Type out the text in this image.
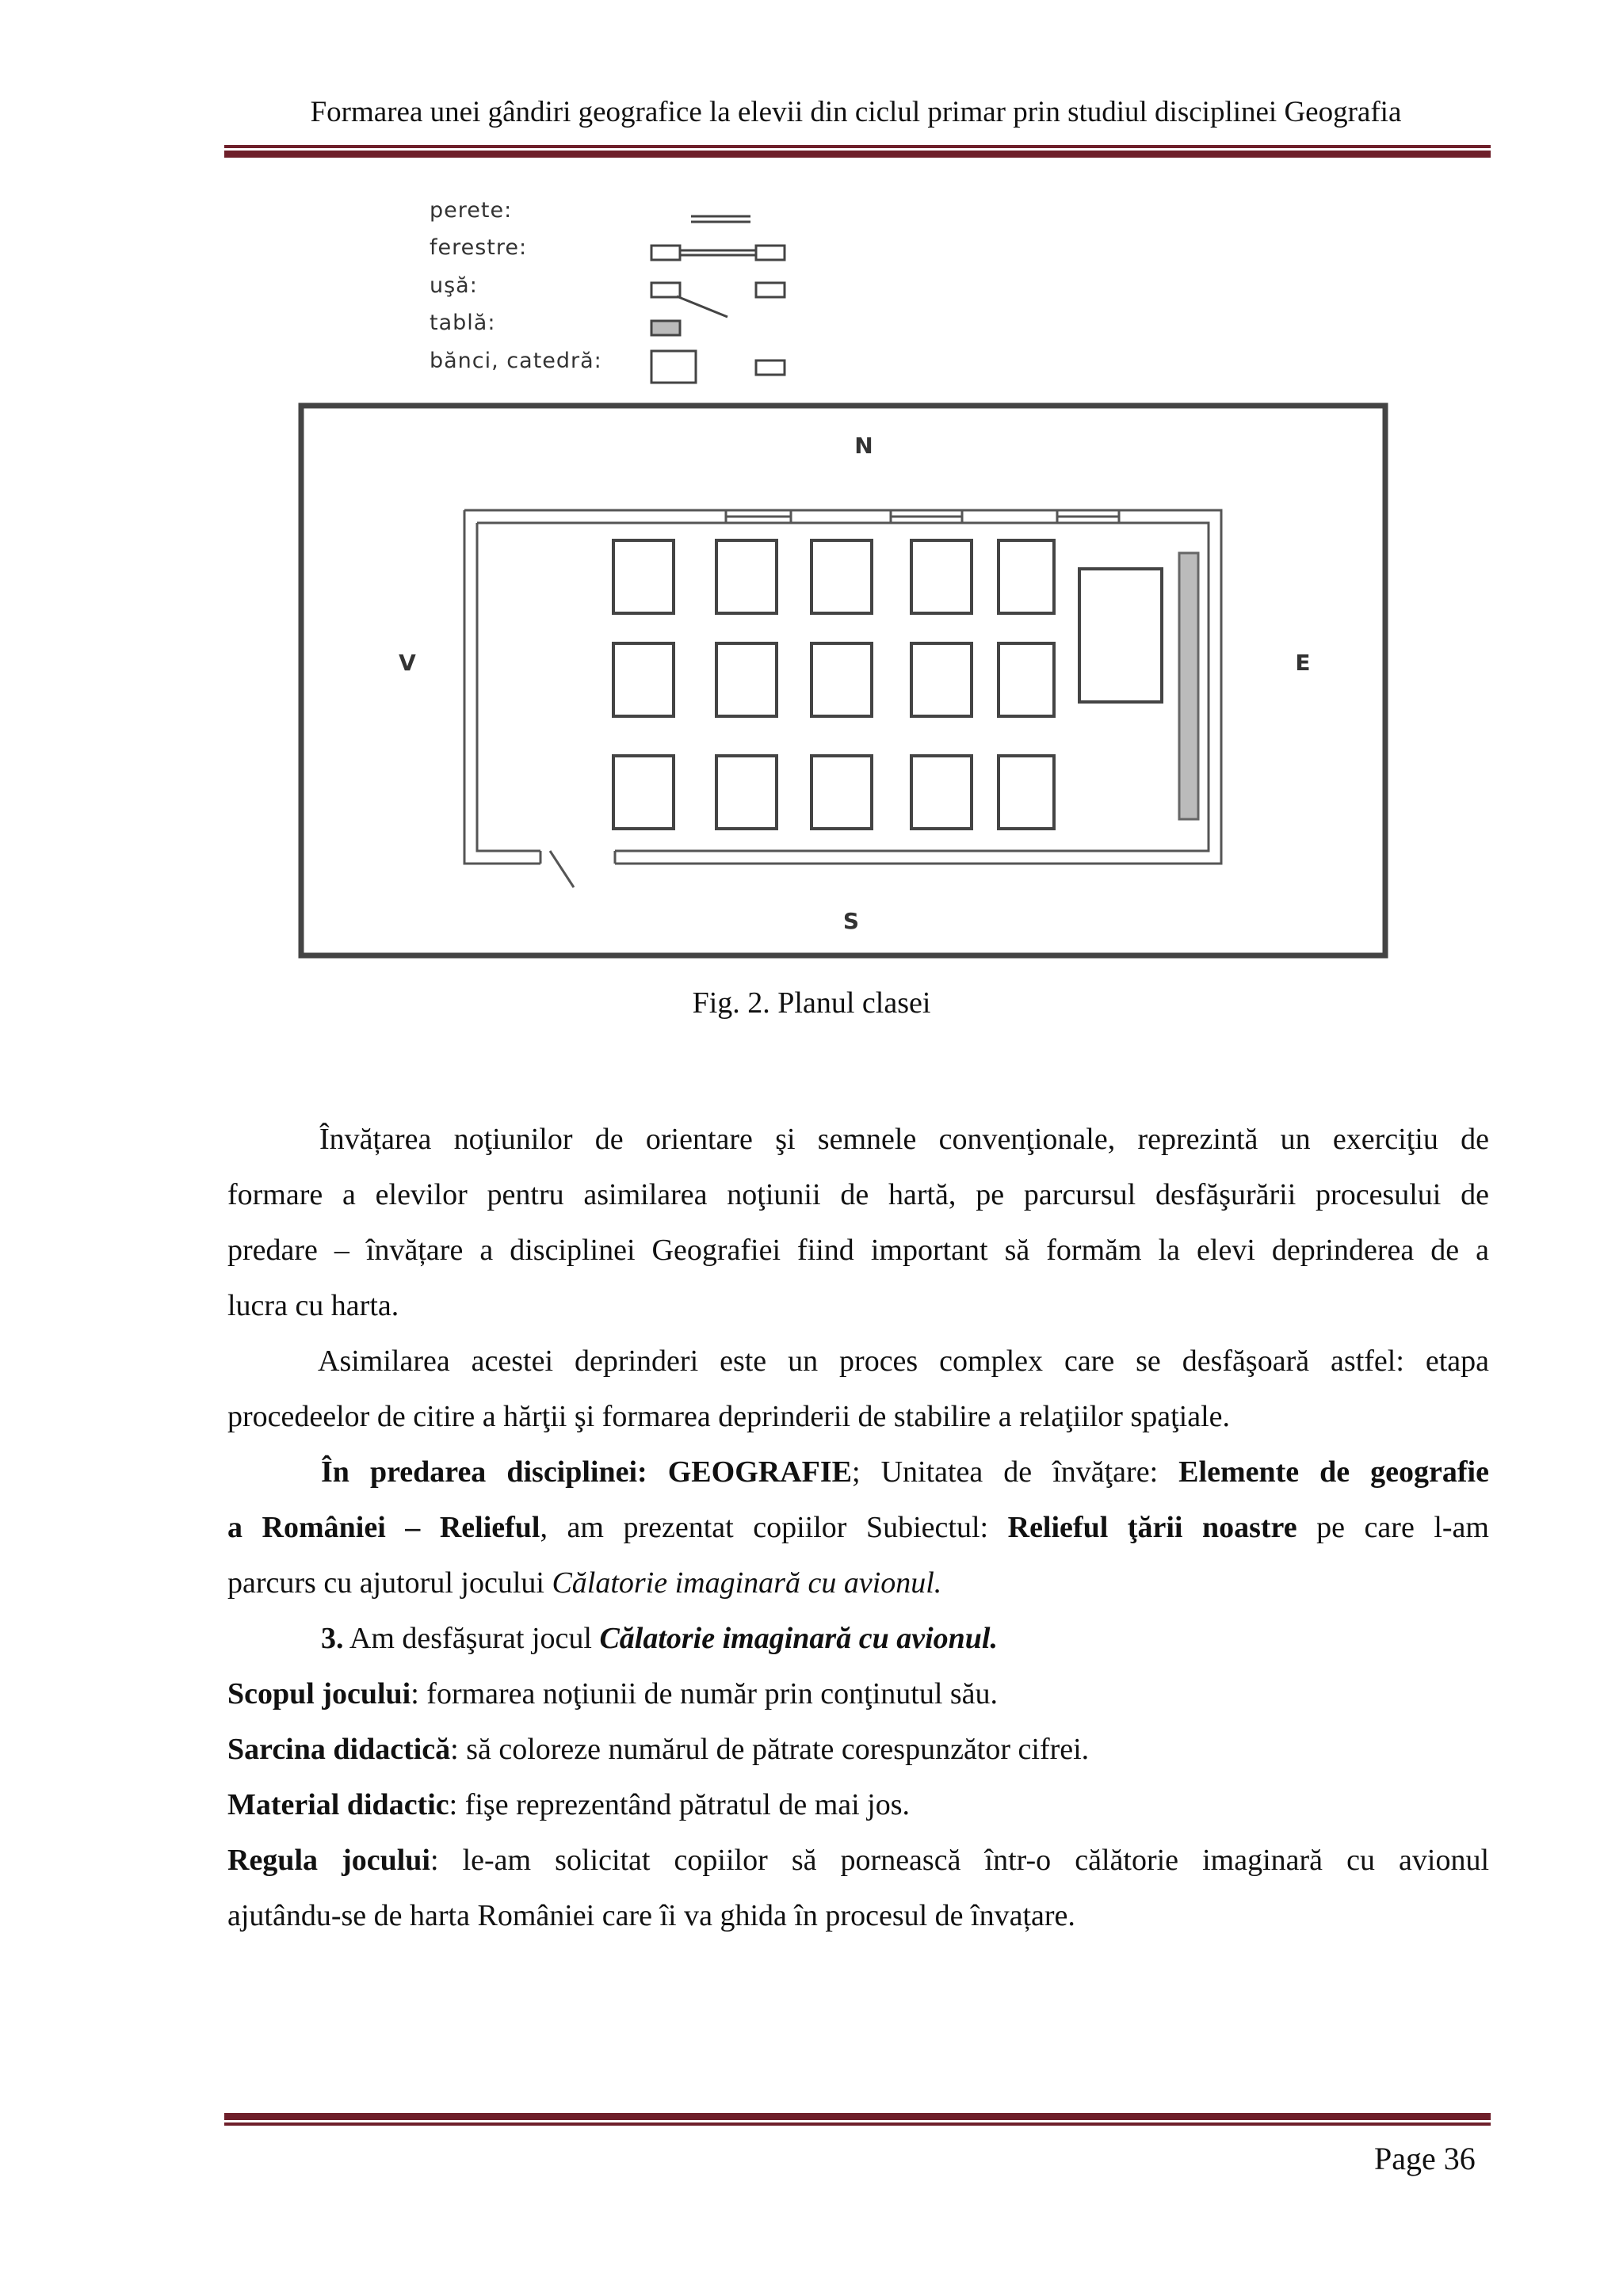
Formarea unei gândiri geografice la elevii din ciclul primar prin studiul disciplinei Geografia
perete:
ferestre:
uşă:
tablă:
bănci, catedră:
N
S
V	E
Fig. 2. Planul clasei

Învățarea noţiunilor de orientare şi semnele convenţionale, reprezintă un exerciţiu de

formare a elevilor pentru asimilarea noţiunii de hartă, pe parcursul desfăşurării procesului de

predare – învățare a disciplinei Geografiei fiind important să formăm la elevi deprinderea de a

lucra cu harta.

Asimilarea acestei deprinderi este un proces complex care se desfăşoară astfel: etapa

procedeelor de citire a hărţii şi formarea deprinderii de stabilire a relaţiilor spaţiale.

În predarea disciplinei: GEOGRAFIE; Unitatea de învăţare: Elemente de geografie

a României – Relieful, am prezentat copiilor Subiectul: Relieful ţării noastre pe care l-am

parcurs cu ajutorul jocului Călatorie imaginară cu avionul.

3. Am desfăşurat jocul Călatorie imaginară cu avionul.

Scopul jocului: formarea noţiunii de număr prin conţinutul său.

Sarcina didactică: să coloreze numărul de pătrate corespunzător cifrei.

Material didactic: fişe reprezentând pătratul de mai jos.

Regula jocului: le-am solicitat copiilor să pornească într-o călătorie imaginară cu avionul

ajutându-se de harta României care îi va ghida în procesul de învațare.

Page 36
